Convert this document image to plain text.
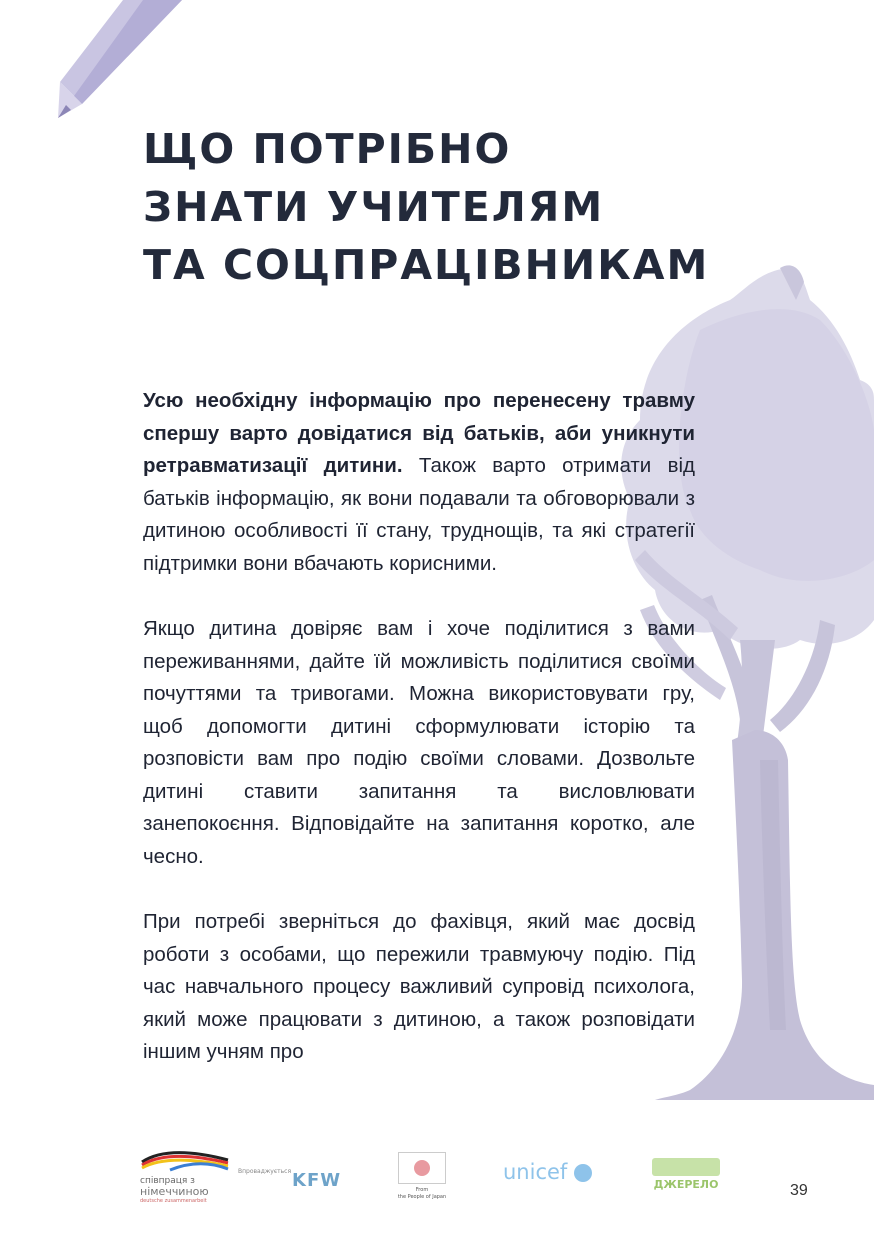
ЩО ПОТРІБНО
ЗНАТИ УЧИТЕЛЯМ
ТА СОЦПРАЦІВНИКАМ

Усю необхідну інформацію про перенесену травму спершу варто довідатися від батьків, аби уникнути ретравматизації дитини. Також варто отримати від батьків інформацію, як вони подавали та обговорювали з дитиною особливості її стану, труднощів, та які стратегії підтримки вони вбачають корисними.

Якщо дитина довіряє вам і хоче поділитися з вами переживаннями, дайте їй можливість поділитися своїми почуттями та тривогами. Можна використовувати гру, щоб допомогти дитині сформулювати історію та розповісти вам про подію своїми словами. Дозвольте дитині ставити запитання та висловлювати занепокоєння. Відповідайте на запитання коротко, але чесно.

При потребі зверніться до фахівця, який має досвід роботи з особами, що пережили травмуючу подію. Під час навчального процесу важливий супровід психолога, який може працювати з дитиною, а також розповідати іншим учням про

співпраця з
німеччиною
deutsche zusammenarbeit
Впроваджується KFW	From
the People of Japan
unicef
ДЖЕРЕЛО	39
